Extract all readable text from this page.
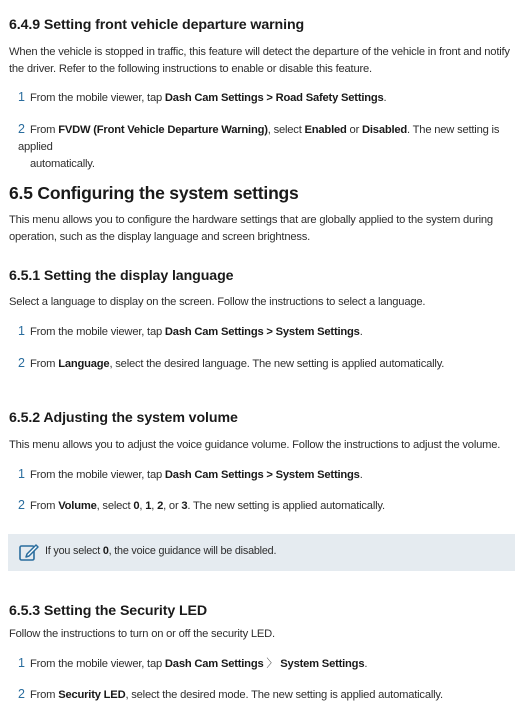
6.4.9 Setting front vehicle departure warning
When the vehicle is stopped in traffic, this feature will detect the departure of the vehicle in front and notify the driver. Refer to the following instructions to enable or disable this feature.
1 From the mobile viewer, tap Dash Cam Settings > Road Safety Settings.
2 From FVDW (Front Vehicle Departure Warning), select Enabled or Disabled. The new setting is applied
automatically.
6.5 Configuring the system settings
This menu allows you to configure the hardware settings that are globally applied to the system during operation, such as the display language and screen brightness.
6.5.1 Setting the display language
Select a language to display on the screen. Follow the instructions to select a language.
1 From the mobile viewer, tap Dash Cam Settings > System Settings.
2 From Language, select the desired language. The new setting is applied automatically.
6.5.2 Adjusting the system volume
This menu allows you to adjust the voice guidance volume. Follow the instructions to adjust the volume.
1 From the mobile viewer, tap Dash Cam Settings > System Settings.
2 From Volume, select 0, 1, 2, or 3. The new setting is applied automatically.
If you select 0, the voice guidance will be disabled.
6.5.3 Setting the Security LED
Follow the instructions to turn on or off the security LED.
1 From the mobile viewer, tap Dash Cam Settings 〉 System Settings.
2 From Security LED, select the desired mode. The new setting is applied automatically.
